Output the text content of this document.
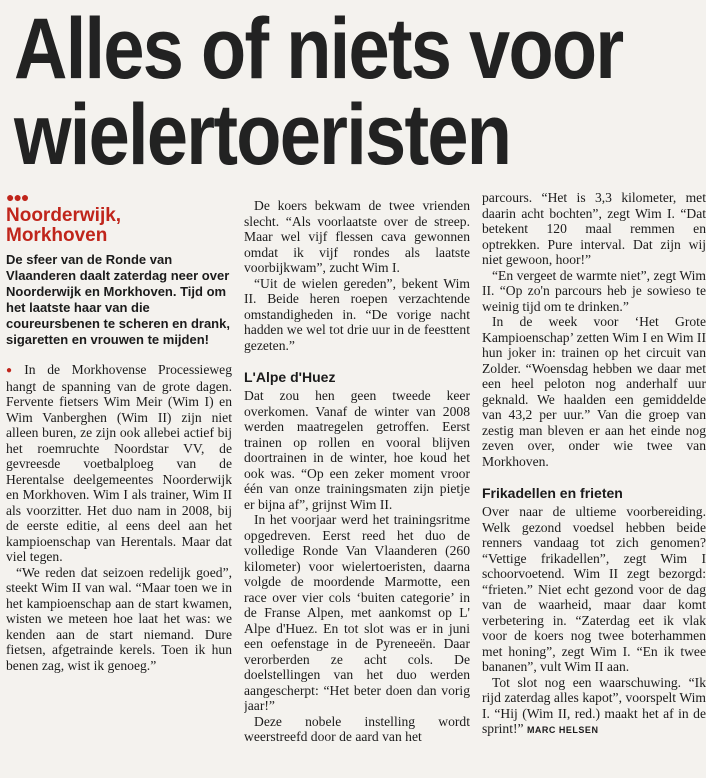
Alles of niets voor
wielertoeristen
●●●
Noorderwijk,
Morkhoven
De sfeer van de Ronde van Vlaanderen daalt zaterdag neer over Noorderwijk en Morkhoven. Tijd om het laatste haar van die coureursbenen te scheren en drank, sigaretten en vrouwen te mijden!

● In de Morkhovense Processieweg hangt de spanning van de grote dagen. Fervente fietsers Wim Meir (Wim I) en Wim Vanberghen (Wim II) zijn niet alleen buren, ze zijn ook allebei actief bij het roemruchte Noordstar VV, de gevreesde voetbalploeg van de Herentalse deelgemeentes Noorderwijk en Morkhoven. Wim I als trainer, Wim II als voorzitter. Het duo nam in 2008, bij de eerste editie, al eens deel aan het kampioenschap van Herentals. Maar dat viel tegen.

“We reden dat seizoen redelijk goed”, steekt Wim II van wal. “Maar toen we in het kampioenschap aan de start kwamen, wisten we meteen hoe laat het was: we kenden aan de start niemand. Dure fietsen, afgetrainde kerels. Toen ik hun benen zag, wist ik genoeg.”

De koers bekwam de twee vrienden slecht. “Als voorlaatste over de streep. Maar wel vijf flessen cava gewonnen omdat ik vijf rondes als laatste voorbijkwam”, zucht Wim I.

“Uit de wielen gereden”, bekent Wim II. Beide heren roepen verzachtende omstandigheden in. “De vorige nacht hadden we wel tot drie uur in de feesttent gezeten.”

L'Alpe d'Huez

Dat zou hen geen tweede keer overkomen. Vanaf de winter van 2008 werden maatregelen getroffen. Eerst trainen op rollen en vooral blijven doortrainen in de winter, hoe koud het ook was. “Op een zeker moment vroor één van onze trainingsmaten zijn pietje er bijna af”, grijnst Wim II.

In het voorjaar werd het trainingsritme opgedreven. Eerst reed het duo de volledige Ronde Van Vlaanderen (260 kilometer) voor wielertoeristen, daarna volgde de moordende Marmotte, een race over vier cols ‘buiten categorie’ in de Franse Alpen, met aankomst op L' Alpe d'Huez. En tot slot was er in juni een oefenstage in de Pyreneeën. Daar verorberden ze acht cols. De doelstellingen van het duo werden aangescherpt: “Het beter doen dan vorig jaar!”

Deze nobele instelling wordt weerstreefd door de aard van het

parcours. “Het is 3,3 kilometer, met daarin acht bochten”, zegt Wim I. “Dat betekent 120 maal remmen en optrekken. Pure interval. Dat zijn wij niet gewoon, hoor!”

“En vergeet de warmte niet”, zegt Wim II. “Op zo'n parcours heb je sowieso te weinig tijd om te drinken.”

In de week voor ‘Het Grote Kampioenschap’ zetten Wim I en Wim II hun joker in: trainen op het circuit van Zolder. “Woensdag hebben we daar met een heel peloton nog anderhalf uur geknald. We haalden een gemiddelde van 43,2 per uur.” Van die groep van zestig man bleven er aan het einde nog zeven over, onder wie twee van Morkhoven.

Frikadellen en frieten

Over naar de ultieme voorbereiding. Welk gezond voedsel hebben beide renners vandaag tot zich genomen? “Vettige frikadellen”, zegt Wim I schoorvoetend. Wim II zegt bezorgd: “frieten.” Niet echt gezond voor de dag van de waarheid, maar daar komt verbetering in. “Zaterdag eet ik vlak voor de koers nog twee boterhammen met honing”, zegt Wim I. “En ik twee bananen”, vult Wim II aan.

Tot slot nog een waarschuwing. “Ik rijd zaterdag alles kapot”, voorspelt Wim I. “Hij (Wim II, red.) maakt het af in de sprint!” MARC HELSEN
